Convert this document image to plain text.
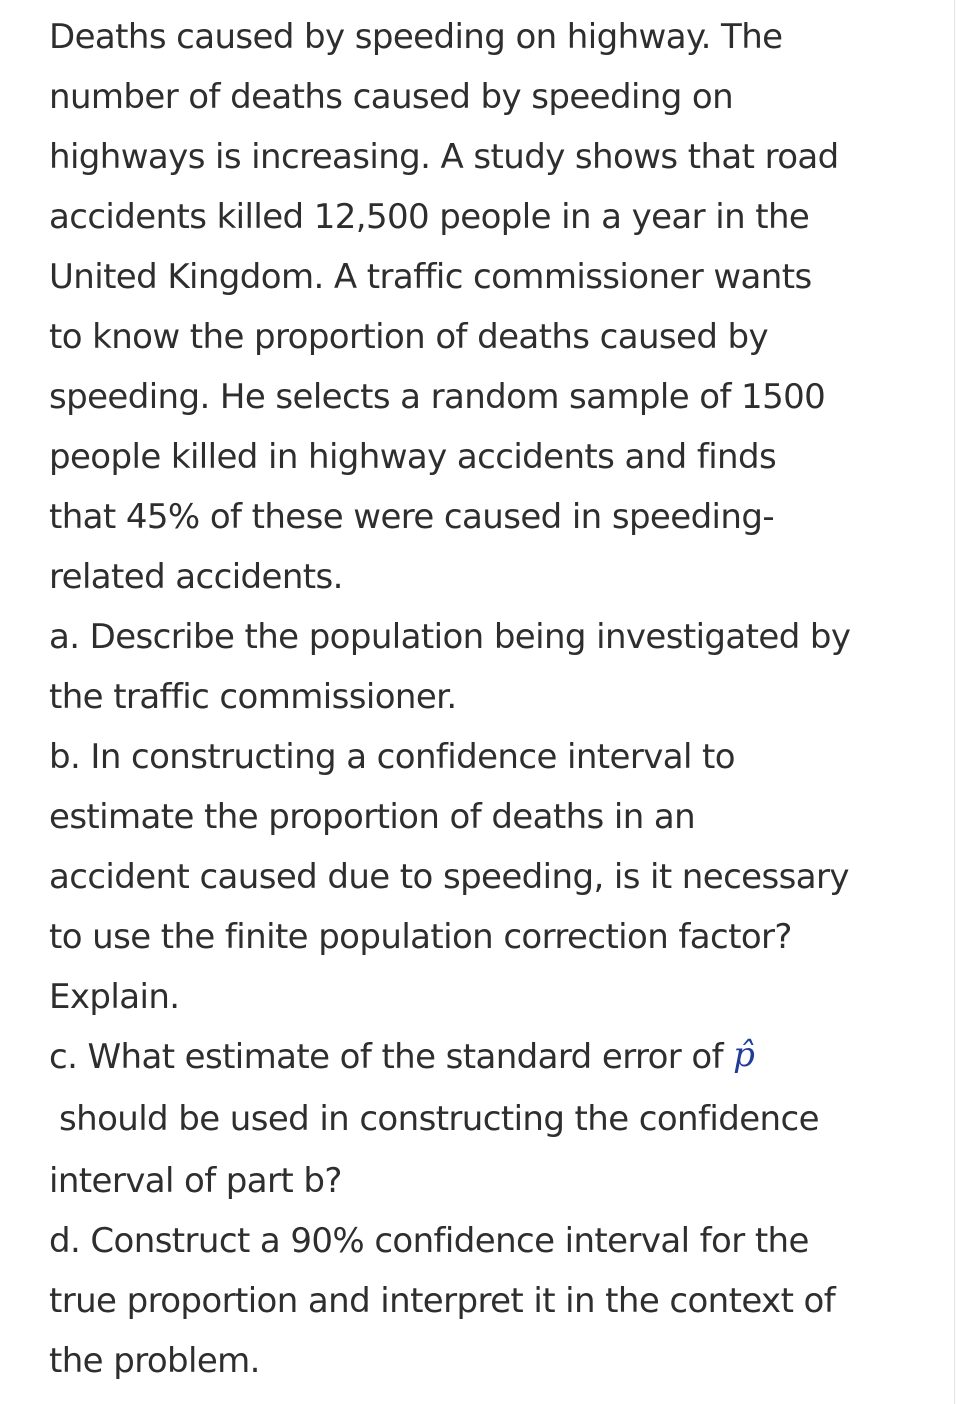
Deaths caused by speeding on highway. The
number of deaths caused by speeding on
highways is increasing. A study shows that road
accidents killed 12,500 people in a year in the
United Kingdom. A traffic commissioner wants
to know the proportion of deaths caused by
speeding. He selects a random sample of 1500
people killed in highway accidents and finds
that 45% of these were caused in speeding-
related accidents.
a. Describe the population being investigated by
the traffic commissioner.
b. In constructing a confidence interval to
estimate the proportion of deaths in an
accident caused due to speeding, is it necessary
to use the finite population correction factor?
Explain.
c. What estimate of the standard error of p̂
should be used in constructing the confidence
interval of part b?
d. Construct a 90% confidence interval for the
true proportion and interpret it in the context of
the problem.
